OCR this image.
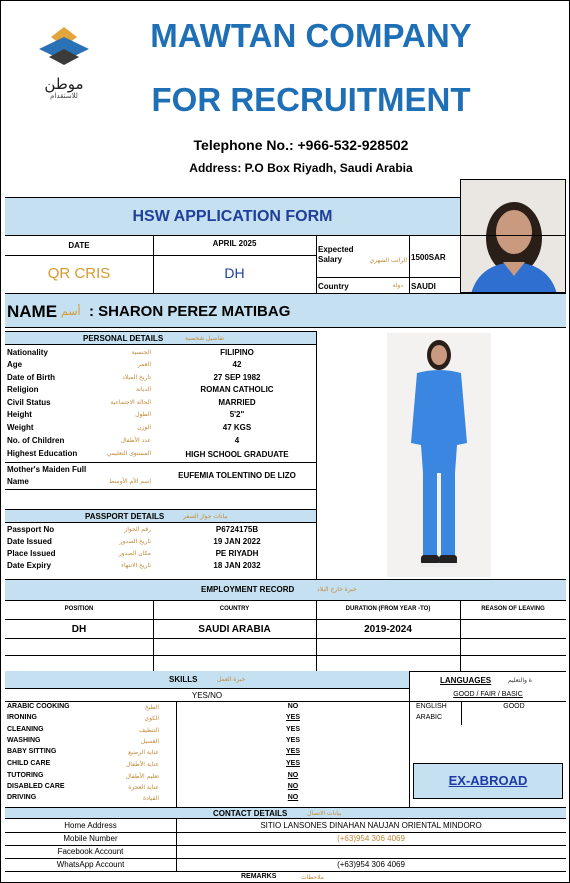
موطن
للاستقدام
MAWTAN COMPANY
FOR RECRUITMENT
Telephone No.: +966-532-928502
Address: P.O Box Riyadh, Saudi Arabia
HSW APPLICATION FORM
DATE	APRIL 2025
QR CRIS	DH
Expected Salary	الراتب الشهري 1500SAR
Country	دولة SAUDI
NAME أسم : SHARON PEREZ MATIBAG
PERSONAL DETAILS	تفاصيل شخصية
Nationality	الجنسية	FILIPINO
Age	العمر	42
Date of Birth	تاريخ الميلاد	27 SEP 1982
Religion	الديانة	ROMAN CATHOLIC
Civil Status	الحالة الاجتماعية	MARRIED
Height	الطول	5'2"
Weight	الوزن	47 KGS
No. of Children	عدد الأطفال	4
Highest Education	المستوى التعليمي	HIGH SCHOOL GRADUATE
Mother's Maiden Full
Name	إسم الأم الأوسط
EUFEMIA TOLENTINO DE LIZO
PASSPORT DETAILS	بيانات جواز السفر
Passport No	رقم الجواز	P6724175B
Date Issued	تاريخ الصدور	19 JAN 2022
Place Issued	مكان الصدور	PE RIYADH
Date Expiry	تاريخ الانتهاء	18 JAN 2032
EMPLOYMENT RECORD	خبرة خارج البلاد
POSITION	COUNTRY	DURATION (FROM YEAR -TO)	REASON OF LEAVING
DH	SAUDI ARABIA	2019-2024
SKILLS	خبرة العمل
YES/NO
ARABIC COOKING	الطبخ	NO
IRONING	الكوي	YES
CLEANING	التنظيف	YES
WASHING	الغسيل	YES
BABY SITTING	عناية الرضيع	YES
CHILD CARE	عناية الأطفال	YES
TUTORING	تعليم الأطفال	NO
DISABLED CARE	عناية العجزة	NO
DRIVING	القيادة	NO
LANGUAGES	ة والتعليم
GOOD / FAIR / BASIC
ENGLISH	GOOD
ARABIC
EX-ABROAD
CONTACT DETAILS	بيانات الاتصال
Home Address	SITIO LANSONES DINAHAN NAUJAN ORIENTAL MINDORO
Mobile Number	(+63)954 306 4069
Facebook Account
WhatsApp Account	(+63)954 306 4069
REMARKS	ملاحظات
